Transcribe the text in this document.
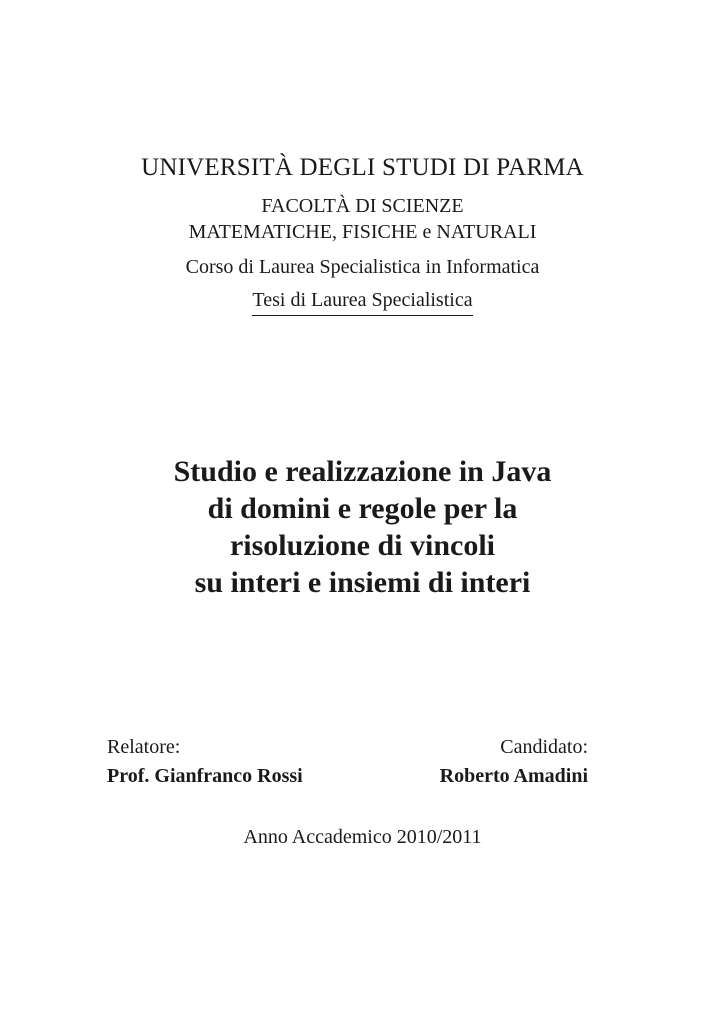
UNIVERSITÀ DEGLI STUDI DI PARMA
FACOLTÀ DI SCIENZE
MATEMATICHE, FISICHE e NATURALI
Corso di Laurea Specialistica in Informatica
Tesi di Laurea Specialistica
Studio e realizzazione in Java
di domini e regole per la
risoluzione di vincoli
su interi e insiemi di interi
Relatore:	Candidato:
Prof. Gianfranco Rossi	Roberto Amadini
Anno Accademico 2010/2011
